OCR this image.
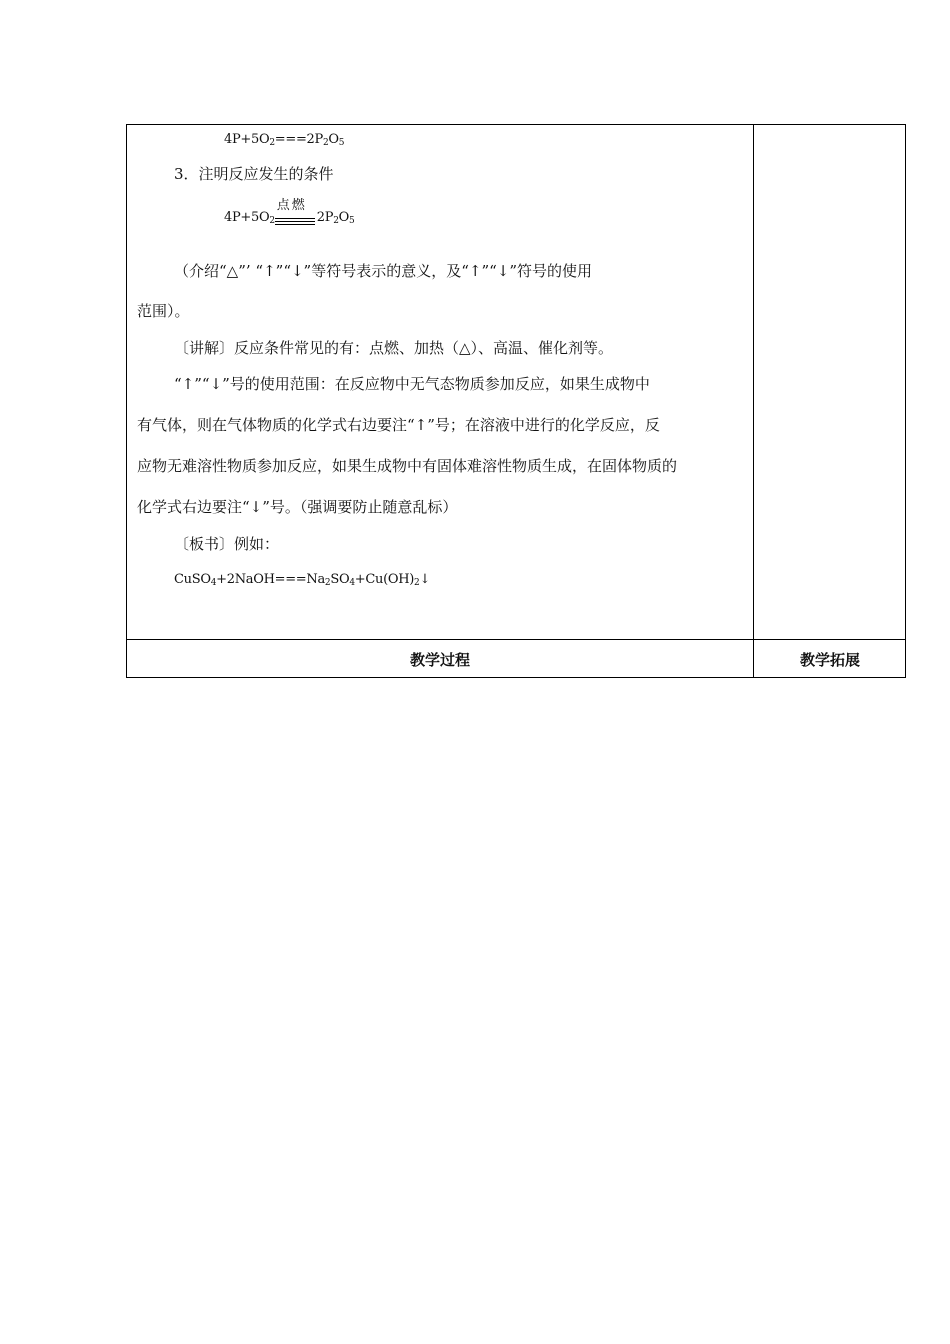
$4P+5O_2===2P_2O_5$
3．注明反应发生的条件
$4P+5O_2$
点燃
$2P_2O_5$
（介绍“△”’ “↑”“↓”等符号表示的意义，及“↑”“↓”符号的使用
范围）。
〔讲解〕反应条件常见的有：点燃、加热（△）、高温、催化剂等。
“↑”“↓”号的使用范围：在反应物中无气态物质参加反应，如果生成物中
有气体，则在气体物质的化学式右边要注“↑”号；在溶液中进行的化学反应，反
应物无难溶性物质参加反应，如果生成物中有固体难溶性物质生成，在固体物质的
化学式右边要注“↓”号。（强调要防止随意乱标）
〔板书〕例如：
$CuSO_4+2NaOH===Na_2SO_4+Cu(OH)_2↓$
教学过程	教学拓展
